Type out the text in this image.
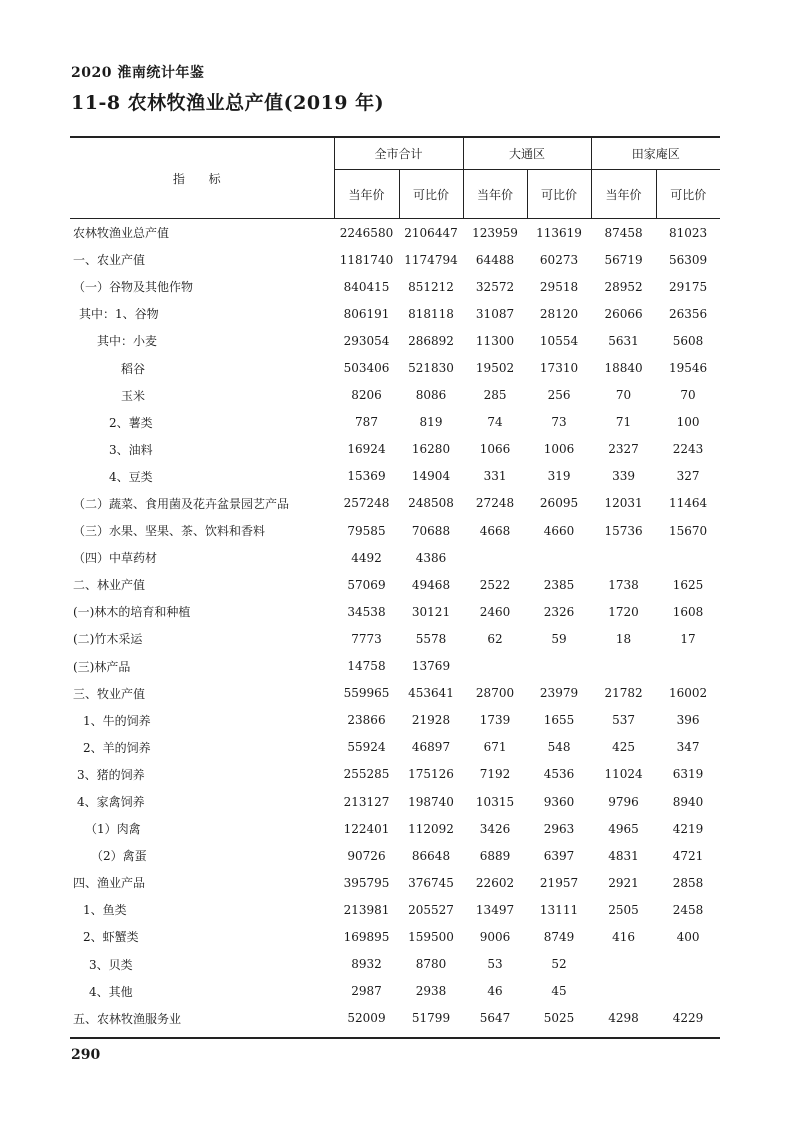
2020 淮南统计年鉴
11-8 农林牧渔业总产值(2019 年)
指 标	全市合计		大通区		田家庵区	
	当年价	可比价	当年价	可比价	当年价	可比价

农林牧渔业总产值	2246580	2106447	123959	113619	87458	81023
一、农业产值	1181740	1174794	64488	60273	56719	56309
（一）谷物及其他作物	840415	851212	32572	29518	28952	29175
其中：1、谷物	806191	818118	31087	28120	26066	26356
其中：小麦	293054	286892	11300	10554	5631	5608
稻谷	503406	521830	19502	17310	18840	19546
玉米	8206	8086	285	256	70	70
2、薯类	787	819	74	73	71	100
3、油料	16924	16280	1066	1006	2327	2243
4、豆类	15369	14904	331	319	339	327
（二）蔬菜、食用菌及花卉盆景园艺产品	257248	248508	27248	26095	12031	11464
（三）水果、坚果、茶、饮料和香料	79585	70688	4668	4660	15736	15670
（四）中草药材	4492	4386				
二、林业产值	57069	49468	2522	2385	1738	1625
(一)林木的培育和种植	34538	30121	2460	2326	1720	1608
(二)竹木采运	7773	5578	62	59	18	17
(三)林产品	14758	13769				
三、牧业产值	559965	453641	28700	23979	21782	16002
1、牛的饲养	23866	21928	1739	1655	537	396
2、羊的饲养	55924	46897	671	548	425	347
3、猪的饲养	255285	175126	7192	4536	11024	6319
4、家禽饲养	213127	198740	10315	9360	9796	8940
（1）肉禽	122401	112092	3426	2963	4965	4219
（2）禽蛋	90726	86648	6889	6397	4831	4721
四、渔业产品	395795	376745	22602	21957	2921	2858
1、鱼类	213981	205527	13497	13111	2505	2458
2、虾蟹类	169895	159500	9006	8749	416	400
3、贝类	8932	8780	53	52		
4、其他	2987	2938	46	45		
五、农林牧渔服务业	52009	51799	5647	5025	4298	4229
290
